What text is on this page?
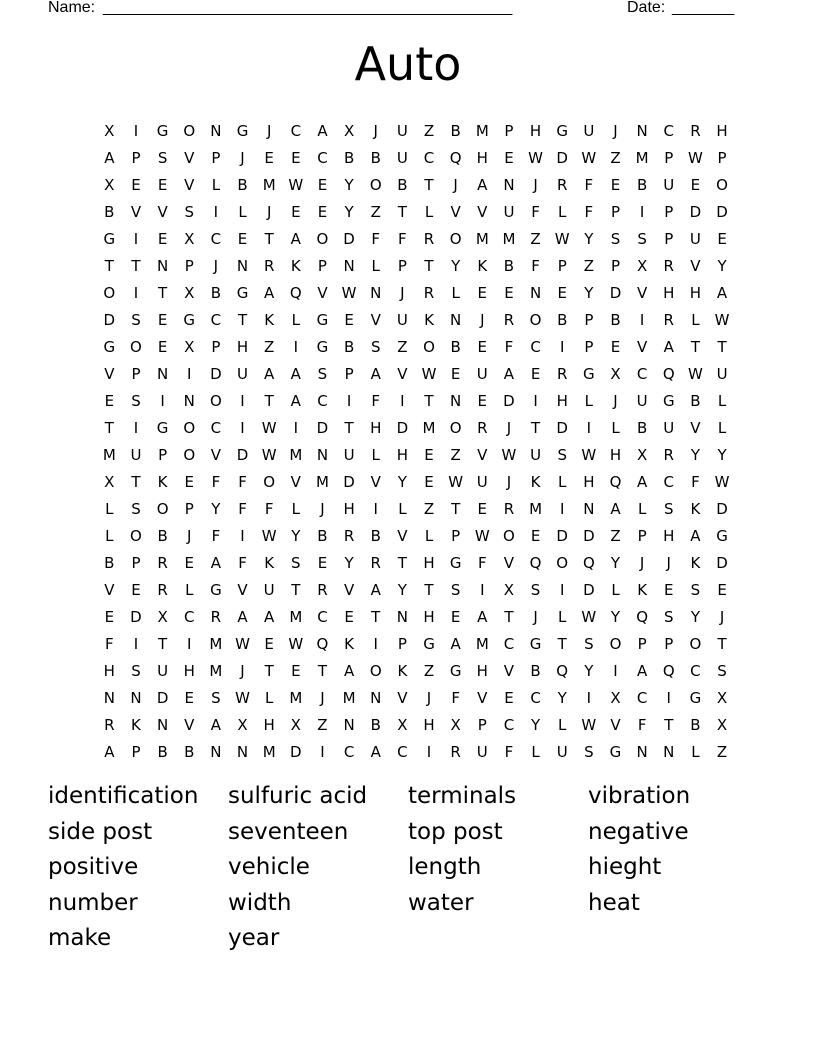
Name: ______________________________________________	Date: _______
Auto
X	I	G O	N	G	J	C	A	X	J	U	Z	B	M	P	H	G	U	J	N	C	R	H
A	P	S	V	P	J	E	E	C	B	B	U	C	Q	H	E W D W Z	M	P W P
X	E	E	V	L	B	M W E	Y	O	B	T	J	A	N	J	R	F	E	B	U	E	O
B	V	V	S	I	L	J	E	E	Y	Z	T	L	V	V	U	F	L	F	P	I	P	D	D
G	I	E	X	C	E	T	A	O D	F	F	R	O M M	Z W Y	S	S	P	U	E
T	T	N	P	J	N	R	K	P	N	L	P	T	Y	K	B	F	P	Z	P	X	R	V	Y
O	I	T	X	B	G	A	Q	V W N	J	R	L	E	E	N	E	Y	D	V	H	H	A
D	S	E	G	C	T	K	L	G	E	V	U	K	N	J	R	O	B	P	B	I	R	L	W
G O	E	X	P	H	Z	I	G	B	S	Z	O	B	E	F	C	I	P	E	V	A	T	T
V	P	N	I	D	U	A	A	S	P	A	V W E	U	A	E	R	G	X	C	Q W U
E	S	I	N	O	I	T	A	C	I	F	I	T	N	E	D	I	H	L	J	U	G	B	L
T	I	G O	C	I	W	I	D	T	H	D M O	R	J	T	D	I	L	B	U	V	L
M U	P	O	V	D W M N	U	L	H	E	Z	V W U	S W H	X	R	Y	Y
X	T	K	E	F	F	O	V	M D	V	Y	E W U	J	K	L	H	Q	A	C	F W
L	S	O	P	Y	F	F	L	J	H	I	L	Z	T	E	R M	I	N	A	L	S	K	D
L	O	B	J	F	I	W Y	B	R	B	V	L	P W O	E	D	D	Z	P	H	A	G
B	P	R	E	A	F	K	S	E	Y	R	T	H	G	F	V	Q O Q	Y	J	J	K	D
V	E	R	L	G	V	U	T	R	V	A	Y	T	S	I	X	S	I	D	L	K	E	S	E
E	D	X	C	R	A	A	M C	E	T	N	H	E	A	T	J	L	W Y	Q	S	Y	J
F	I	T	I	M W E W Q	K	I	P	G	A	M C	G	T	S	O	P	P	O	T
H	S	U	H M	J	T	E	T	A	O	K	Z	G	H	V	B	Q	Y	I	A	Q	C	S
N	N	D	E	S W	L	M	J	M N	V	J	F	V	E	C	Y	I	X	C	I	G	X
R	K	N	V	A	X	H	X	Z	N	B	X	H	X	P	C	Y	L	W V	F	T	B	X
A	P	B	B	N	N M D	I	C	A	C	I	R	U	F	L	U	S	G	N	N	L	Z
identification	sulfuric acid	terminals	vibration
side post	seventeen	top post	negative
positive	vehicle	length	hieght
number	width	water	heat
make	year
